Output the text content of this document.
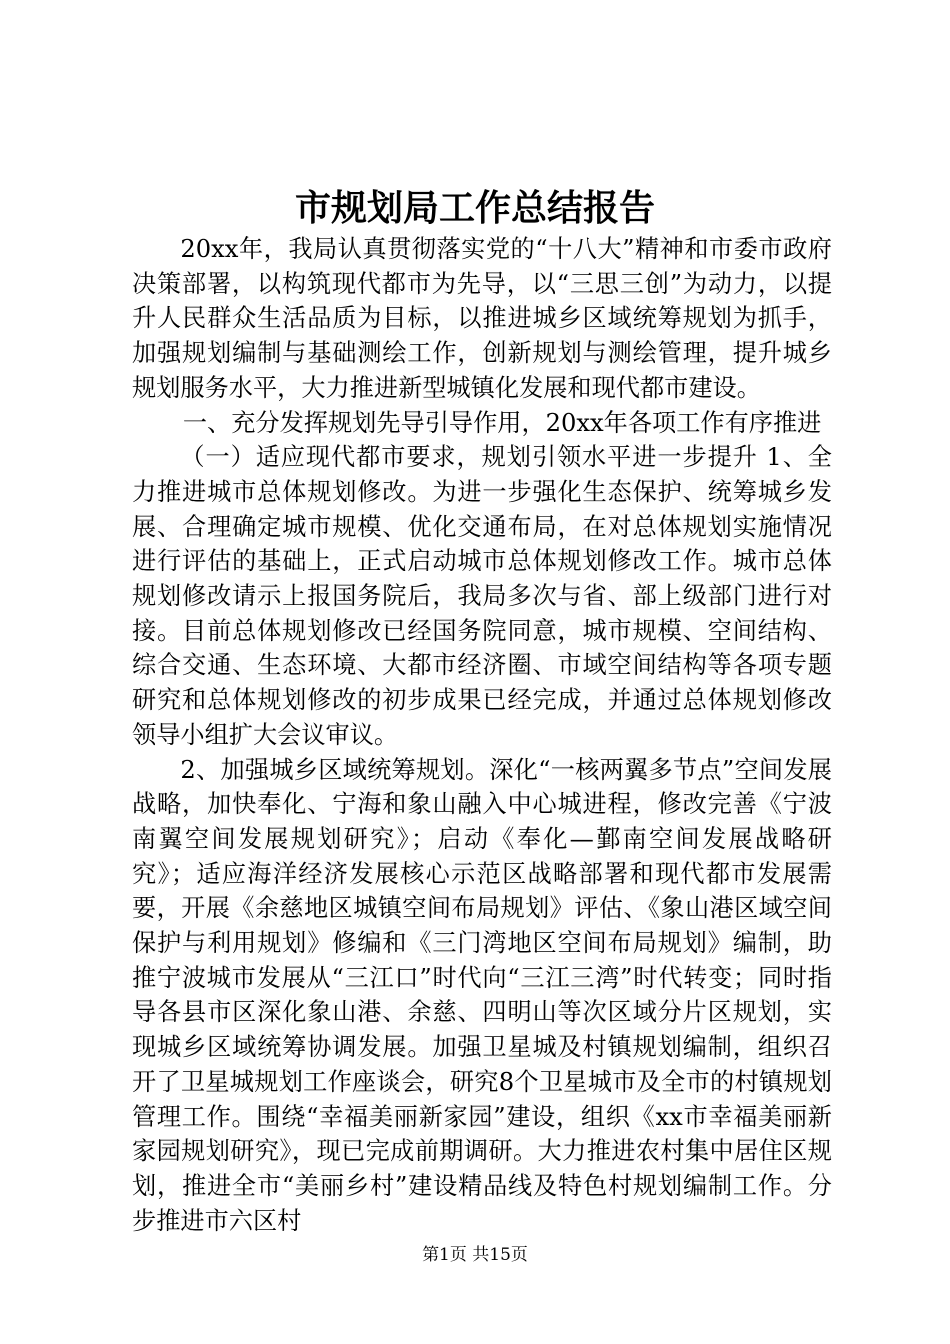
市规划局工作总结报告

20xx年，我局认真贯彻落实党的“十八大”精神和市委市政府决策部署，以构筑现代都市为先导，以“三思三创”为动力，以提升人民群众生活品质为目标，以推进城乡区域统筹规划为抓手，加强规划编制与基础测绘工作，创新规划与测绘管理，提升城乡规划服务水平，大力推进新型城镇化发展和现代都市建设。

一、充分发挥规划先导引导作用，20xx年各项工作有序推进

（一）适应现代都市要求，规划引领水平进一步提升 1、全力推进城市总体规划修改。为进一步强化生态保护、统筹城乡发展、合理确定城市规模、优化交通布局，在对总体规划实施情况进行评估的基础上，正式启动城市总体规划修改工作。城市总体规划修改请示上报国务院后，我局多次与省、部上级部门进行对接。目前总体规划修改已经国务院同意，城市规模、空间结构、综合交通、生态环境、大都市经济圈、市域空间结构等各项专题研究和总体规划修改的初步成果已经完成，并通过总体规划修改领导小组扩大会议审议。

2、加强城乡区域统筹规划。深化“一核两翼多节点”空间发展战略，加快奉化、宁海和象山融入中心城进程，修改完善《宁波南翼空间发展规划研究》；启动《奉化—鄞南空间发展战略研究》；适应海洋经济发展核心示范区战略部署和现代都市发展需要，开展《余慈地区城镇空间布局规划》评估、《象山港区域空间保护与利用规划》修编和《三门湾地区空间布局规划》编制，助推宁波城市发展从“三江口”时代向“三江三湾”时代转变；同时指导各县市区深化象山港、余慈、四明山等次区域分片区规划，实现城乡区域统筹协调发展。加强卫星城及村镇规划编制，组织召开了卫星城规划工作座谈会，研究8个卫星城市及全市的村镇规划管理工作。围绕“幸福美丽新家园”建设，组织《xx市幸福美丽新家园规划研究》，现已完成前期调研。大力推进农村集中居住区规划，推进全市“美丽乡村”建设精品线及特色村规划编制工作。分步推进市六区村

第1页 共15页
